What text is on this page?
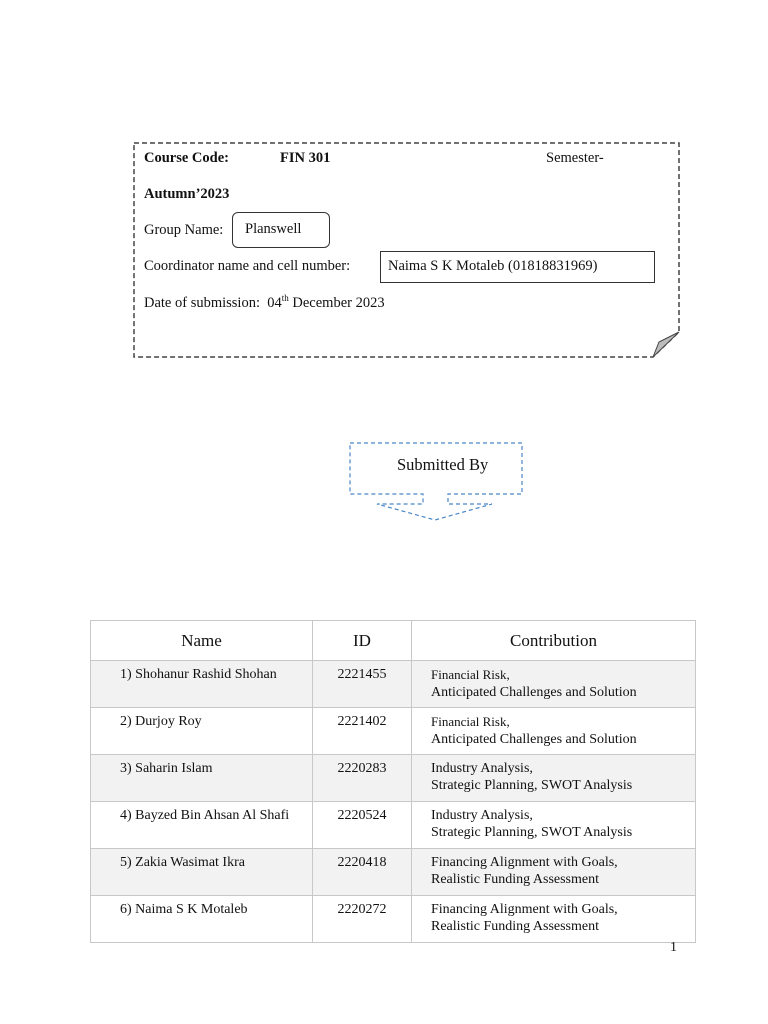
Course Code:	FIN 301	Semester-
Autumn’2023
Group Name:	Planswell
Coordinator name and cell number:	Naima S K Motaleb (01818831969)
Date of submission: 04th December 2023
Submitted By
Name	ID	Contribution
1) Shohanur Rashid Shohan	2221455	Financial Risk,
Anticipated Challenges and Solution
2) Durjoy Roy	2221402	Financial Risk,
Anticipated Challenges and Solution
3) Saharin Islam	2220283	Industry Analysis,
Strategic Planning, SWOT Analysis
4) Bayzed Bin Ahsan Al Shafi	2220524	Industry Analysis,
Strategic Planning, SWOT Analysis
5) Zakia Wasimat Ikra	2220418	Financing Alignment with Goals,
Realistic Funding Assessment
6) Naima S K Motaleb	2220272	Financing Alignment with Goals,
Realistic Funding Assessment
1
